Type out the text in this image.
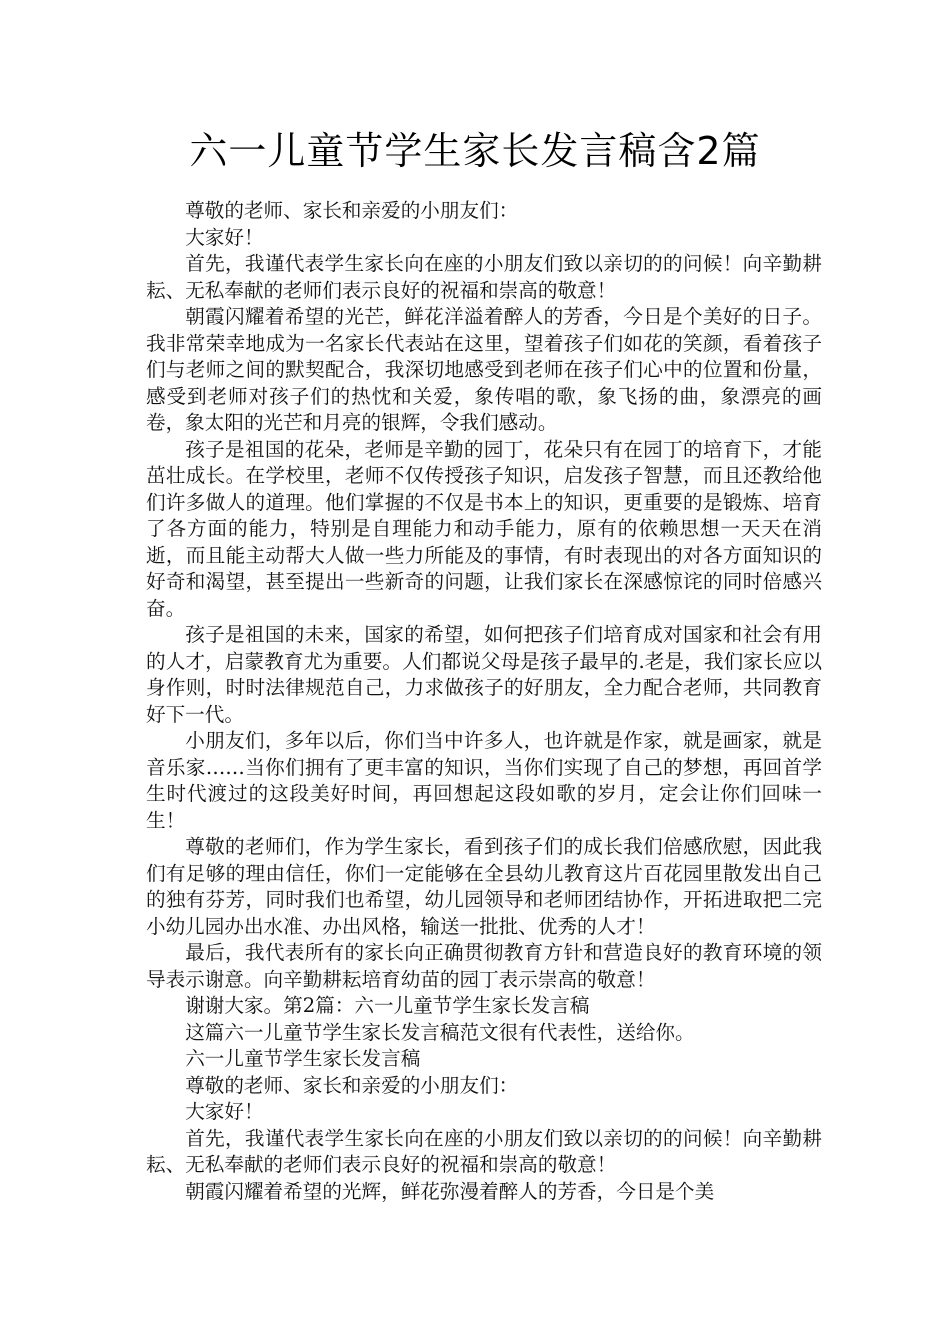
六一儿童节学生家长发言稿含2篇

尊敬的老师、家长和亲爱的小朋友们：

大家好！

首先，我谨代表学生家长向在座的小朋友们致以亲切的的问候！向辛勤耕耘、无私奉献的老师们表示良好的祝福和崇高的敬意！

朝霞闪耀着希望的光芒，鲜花洋溢着醉人的芳香，今日是个美好的日子。我非常荣幸地成为一名家长代表站在这里，望着孩子们如花的笑颜，看着孩子们与老师之间的默契配合，我深切地感受到老师在孩子们心中的位置和份量，感受到老师对孩子们的热忱和关爱，象传唱的歌，象飞扬的曲，象漂亮的画卷，象太阳的光芒和月亮的银辉，令我们感动。

孩子是祖国的花朵，老师是辛勤的园丁，花朵只有在园丁的培育下，才能茁壮成长。在学校里，老师不仅传授孩子知识，启发孩子智慧，而且还教给他们许多做人的道理。他们掌握的不仅是书本上的知识，更重要的是锻炼、培育了各方面的能力，特别是自理能力和动手能力，原有的依赖思想一天天在消逝，而且能主动帮大人做一些力所能及的事情，有时表现出的对各方面知识的好奇和渴望，甚至提出一些新奇的问题，让我们家长在深感惊诧的同时倍感兴奋。

孩子是祖国的未来，国家的希望，如何把孩子们培育成对国家和社会有用的人才，启蒙教育尤为重要。人们都说父母是孩子最早的.老是，我们家长应以身作则，时时法律规范自己，力求做孩子的好朋友，全力配合老师，共同教育好下一代。

小朋友们，多年以后，你们当中许多人，也许就是作家，就是画家，就是音乐家……当你们拥有了更丰富的知识，当你们实现了自己的梦想，再回首学生时代渡过的这段美好时间，再回想起这段如歌的岁月，定会让你们回味一生！

尊敬的老师们，作为学生家长，看到孩子们的成长我们倍感欣慰，因此我们有足够的理由信任，你们一定能够在全县幼儿教育这片百花园里散发出自己的独有芬芳，同时我们也希望，幼儿园领导和老师团结协作，开拓进取把二完小幼儿园办出水准、办出风格，输送一批批、优秀的人才！

最后，我代表所有的家长向正确贯彻教育方针和营造良好的教育环境的领导表示谢意。向辛勤耕耘培育幼苗的园丁表示崇高的敬意！

谢谢大家。第2篇：六一儿童节学生家长发言稿

这篇六一儿童节学生家长发言稿范文很有代表性，送给你。

六一儿童节学生家长发言稿

尊敬的老师、家长和亲爱的小朋友们：

大家好！

首先，我谨代表学生家长向在座的小朋友们致以亲切的的问候！向辛勤耕耘、无私奉献的老师们表示良好的祝福和崇高的敬意！

朝霞闪耀着希望的光辉，鲜花弥漫着醉人的芳香，今日是个美
